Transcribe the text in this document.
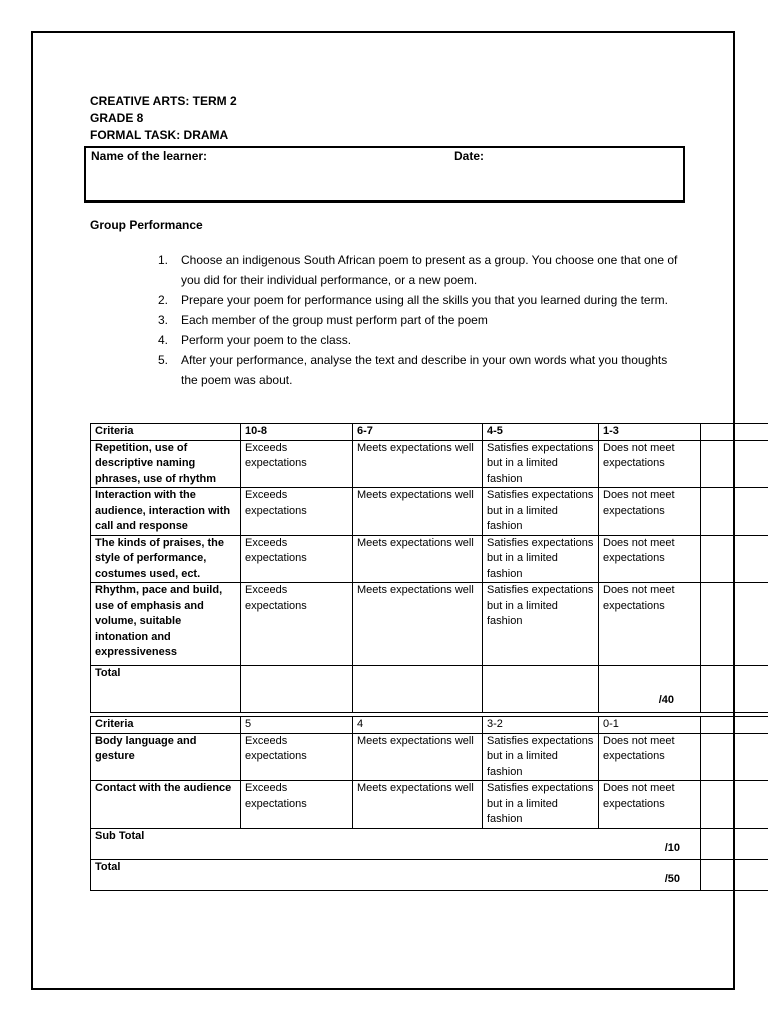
CREATIVE ARTS: TERM 2
GRADE 8
FORMAL TASK: DRAMA
Name of the learner:	Date:
Group Performance
1. Choose an indigenous South African poem to present as a group. You choose one that one of you did for their individual performance, or a new poem.
2. Prepare your poem for performance using all the skills you that you learned during the term.
3. Each member of the group must perform part of the poem
4. Perform your poem to the class.
5. After your performance, analyse the text and describe in your own words what you thoughts the poem was about.
Criteria	10-8	6-7	4-5	1-3	
Repetition, use of descriptive naming phrases, use of rhythm	Exceeds expectations	Meets expectations well	Satisfies expectations but in a limited fashion	Does not meet expectations	
Interaction with the audience, interaction with call and response	Exceeds expectations	Meets expectations well	Satisfies expectations but in a limited fashion	Does not meet expectations	
The kinds of praises, the style of performance, costumes used, ect.	Exceeds expectations	Meets expectations well	Satisfies expectations but in a limited fashion	Does not meet expectations	
Rhythm, pace and build, use of emphasis and volume, suitable intonation and expressiveness	Exceeds expectations	Meets expectations well	Satisfies expectations but in a limited fashion	Does not meet expectations	
Total				/40	

Criteria	5	4	3-2	0-1	
Body language and gesture	Exceeds expectations	Meets expectations well	Satisfies expectations but in a limited fashion	Does not meet expectations	
Contact with the audience	Exceeds expectations	Meets expectations well	Satisfies expectations but in a limited fashion	Does not meet expectations	
Sub Total
/10					

Total
/50					
